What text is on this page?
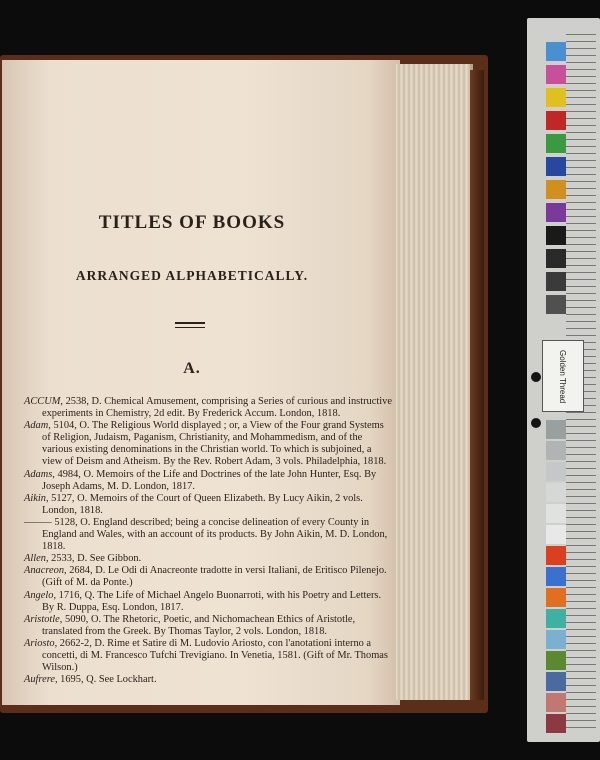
TITLES OF BOOKS
ARRANGED ALPHABETICALLY.
A.
ACCUM, 2538, D. Chemical Amusement, comprising a Series of curious and instructive experiments in Chemistry, 2d edit. By Frederick Accum. London, 1818.
Adam, 5104, O. The Religious World displayed ; or, a View of the Four grand Systems of Religion, Judaism, Paganism, Christianity, and Mohammedism, and of the various existing denominations in the Christian world. To which is subjoined, a view of Deism and Atheism. By the Rev. Robert Adam, 3 vols. Philadelphia, 1818.
Adams, 4984, O. Memoirs of the Life and Doctrines of the late John Hunter, Esq. By Joseph Adams, M. D. London, 1817.
Aikin, 5127, O. Memoirs of the Court of Queen Elizabeth. By Lucy Aikin, 2 vols. London, 1818.
——— 5128, O. England described; being a concise delineation of every County in England and Wales, with an account of its products. By John Aikin, M. D. London, 1818.
Allen, 2533, D. See Gibbon.
Anacreon, 2684, D. Le Odi di Anacreonte tradotte in versi Italiani, de Eritisco Pilenejo. (Gift of M. da Ponte.)
Angelo, 1716, Q. The Life of Michael Angelo Buonarroti, with his Poetry and Letters. By R. Duppa, Esq. London, 1817.
Aristotle, 5090, O. The Rhetoric, Poetic, and Nichomachean Ethics of Aristotle, translated from the Greek. By Thomas Taylor, 2 vols. London, 1818.
Ariosto, 2662-2, D. Rime et Satire di M. Ludovio Ariosto, con l'anotationi interno a concetti, di M. Francesco Tufchi Trevigiano. In Venetia, 1581. (Gift of Mr. Thomas Wilson.)
Aufrere, 1695, Q. See Lockhart.
Golden Thread
